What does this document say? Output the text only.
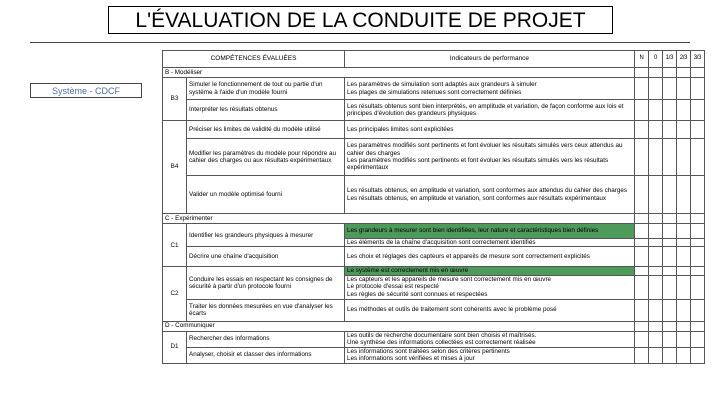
L'ÉVALUATION DE LA CONDUITE DE PROJET
Système - CDCF
COMPÉTENCES ÉVALUÉES		Indicateurs de performance	N	0	1/3	2/3	3/3
B - Modéliser							
B3	Simuler le fonctionnement de tout ou partie d'un système à l'aide d'un modèle fourni	Les paramètres de simulation sont adaptés aux grandeurs à simuler
Les plages de simulations retenues sont correctement définies					
	Interpréter les résultats obtenus	Les résultats obtenus sont bien interprétés, en amplitude et variation, de façon conforme aux lois et principes d'évolution des grandeurs physiques					
B4	Préciser les limites de validité du modèle utilisé	Les principales limites sont explicitées					
	Modifier les paramètres du modèle pour répondre au cahier des charges ou aux résultats expérimentaux	Les paramètres modifiés sont pertinents et font évoluer les résultats simulés vers ceux attendus au cahier des charges
Les paramètres modifiés sont pertinents et font évoluer les résultats simulés vers les résultats expérimentaux					
	Valider un modèle optimisé fourni	Les résultats obtenus, en amplitude et variation, sont conformes aux attendus du cahier des charges
Les résultats obtenus, en amplitude et variation, sont conformes aux résultats expérimentaux					
C - Expérimenter							
C1	Identifier les grandeurs physiques à mesurer	Les grandeurs à mesurer sont bien identifiées, leur nature et caractéristiques bien définies					
		Les éléments de la chaîne d'acquisition sont correctement identifiés					
	Décrire une chaîne d'acquisition	Les choix et réglages des capteurs et appareils de mesure sont correctement explicités					
C2	Conduire les essais en respectant les consignes de sécurité à partir d'un protocole fourni	Le système est correctement mis en œuvre					
		Les capteurs et les appareils de mesure sont correctement mis en œuvre
Le protocole d'essai est respecté
Les règles de sécurité sont connues et respectées					
	Traiter les données mesurées en vue d'analyser les écarts	Les méthodes et outils de traitement sont cohérents avec le problème posé					
D - Communiquer							
D1	Rechercher des informations	Les outils de recherche documentaire sont bien choisis et maîtrisés.
Une synthèse des informations collectées est correctement réalisée					
	Analyser, choisir et classer des informations	Les informations sont traitées selon des critères pertinents
Les informations sont vérifiées et mises à jour					
